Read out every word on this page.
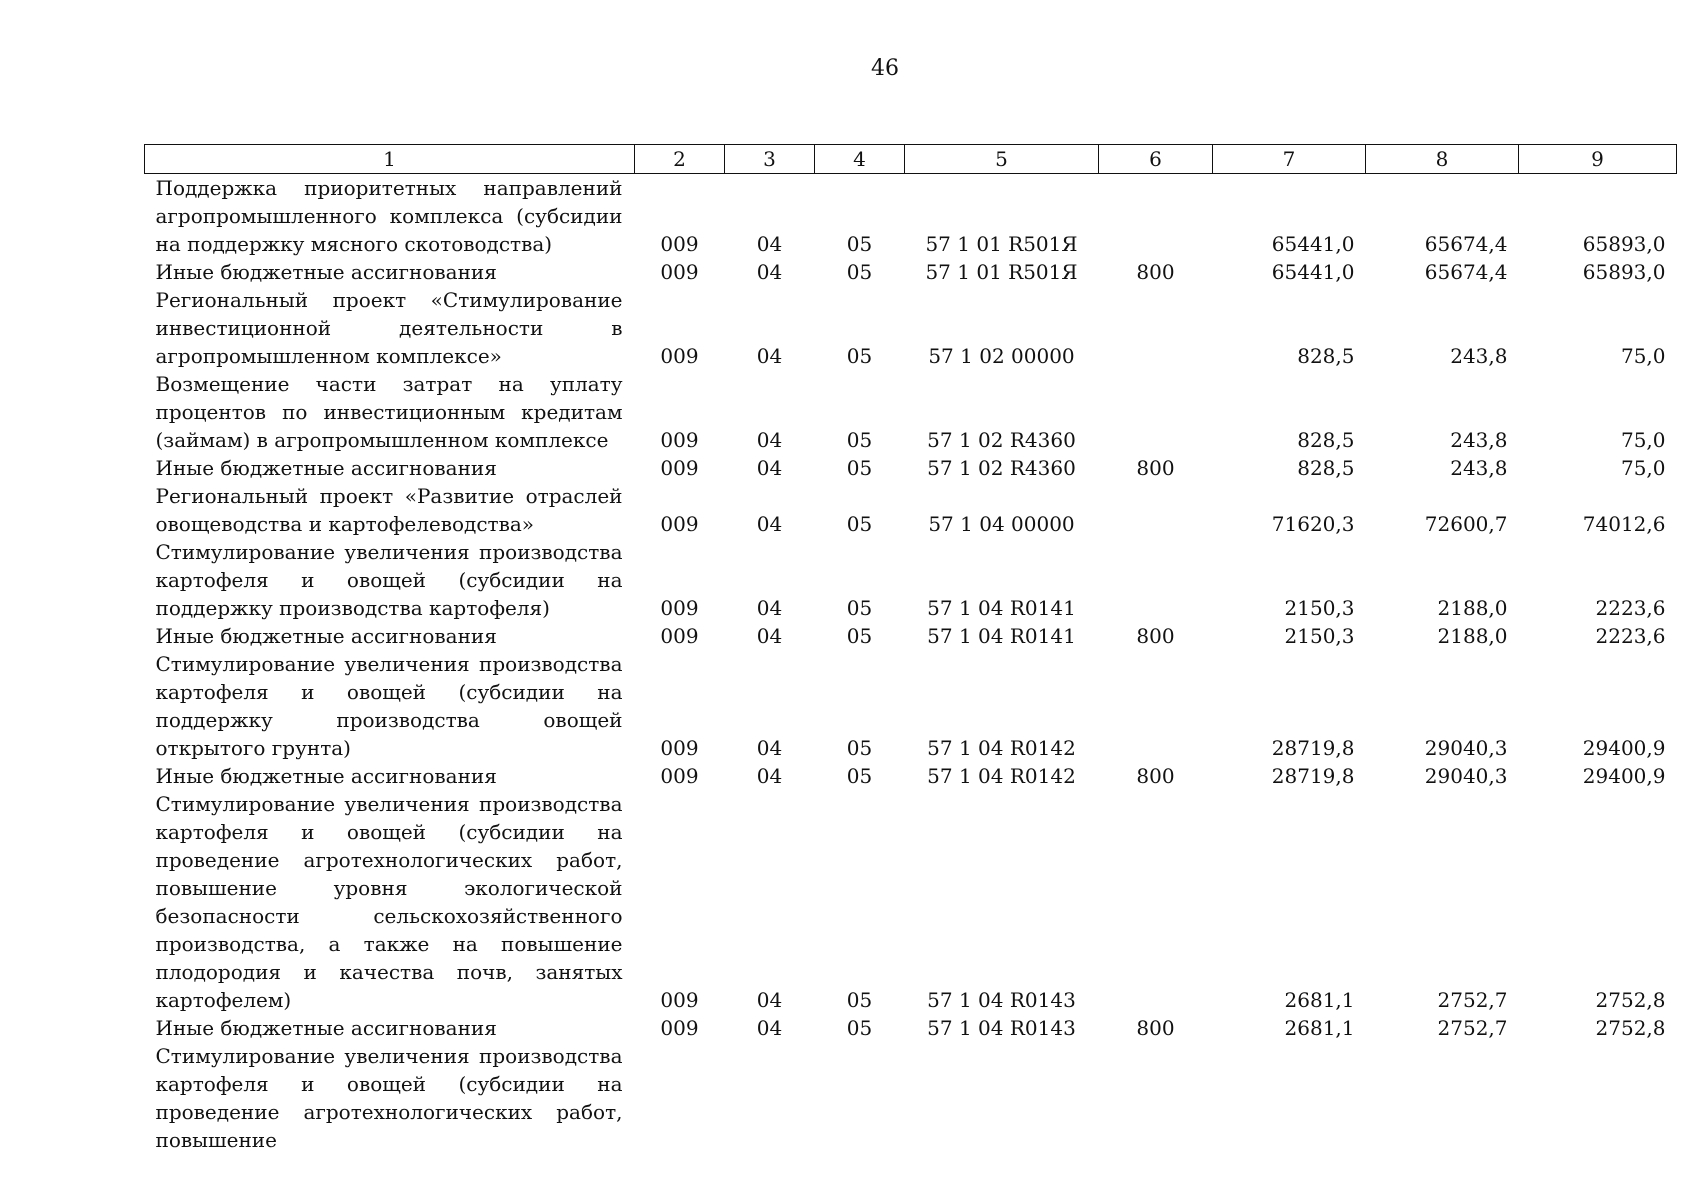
46
1	2	3	4	5	6	7	8	9
Поддержка приоритетных направлений агропромышленного комплекса (субсидии на поддержку мясного скотоводства)	009	04	05	57 1 01 R501Я		65441,0	65674,4	65893,0
Иные бюджетные ассигнования	009	04	05	57 1 01 R501Я	800	65441,0	65674,4	65893,0
Региональный проект «Стимулирование инвестиционной деятельности в агропромышленном комплексе»	009	04	05	57 1 02 00000		828,5	243,8	75,0
Возмещение части затрат на уплату процентов по инвестиционным кредитам (займам) в агропромышленном комплексе	009	04	05	57 1 02 R4360		828,5	243,8	75,0
Иные бюджетные ассигнования	009	04	05	57 1 02 R4360	800	828,5	243,8	75,0
Региональный проект «Развитие отраслей овощеводства и картофелеводства»	009	04	05	57 1 04 00000		71620,3	72600,7	74012,6
Стимулирование увеличения производства картофеля и овощей (субсидии на поддержку производства картофеля)	009	04	05	57 1 04 R0141		2150,3	2188,0	2223,6
Иные бюджетные ассигнования	009	04	05	57 1 04 R0141	800	2150,3	2188,0	2223,6
Стимулирование увеличения производства картофеля и овощей (субсидии на поддержку производства овощей открытого грунта)	009	04	05	57 1 04 R0142		28719,8	29040,3	29400,9
Иные бюджетные ассигнования	009	04	05	57 1 04 R0142	800	28719,8	29040,3	29400,9
Стимулирование увеличения производства картофеля и овощей (субсидии на проведение агротехнологических работ, повышение уровня экологической безопасности сельскохозяйственного производства, а также на повышение плодородия и качества почв, занятых картофелем)	009	04	05	57 1 04 R0143		2681,1	2752,7	2752,8
Иные бюджетные ассигнования	009	04	05	57 1 04 R0143	800	2681,1	2752,7	2752,8
Стимулирование увеличения производства картофеля и овощей (субсидии на проведение агротехнологических работ, повышение								
